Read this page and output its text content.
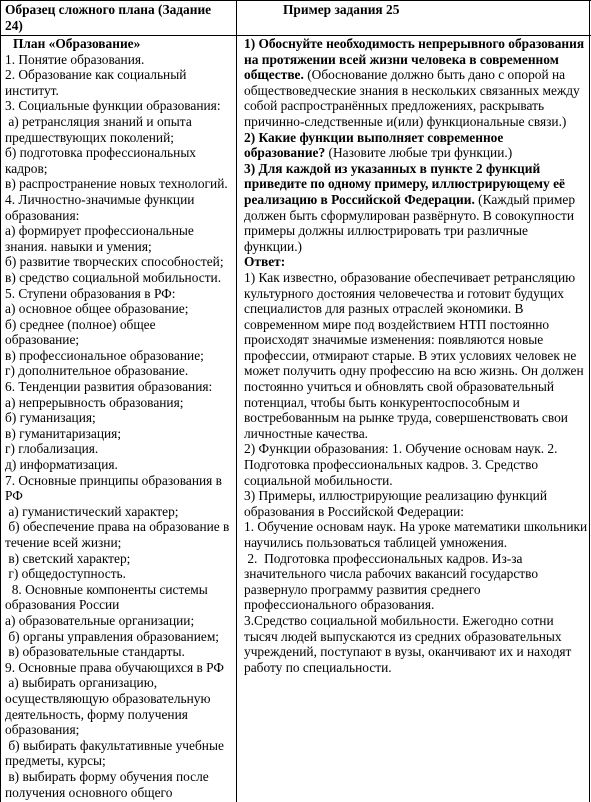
Образец сложного плана (Задание
24)
Пример задания 25
План «Образование»
1. Понятие образования.
2. Образование как социальный
институт.
3. Социальные функции образования:
а) ретрансляция знаний и опыта
предшествующих поколений;
б) подготовка профессиональных
кадров;
в) распространение новых технологий.
4. Личностно-значимые функции
образования:
а) формирует профессиональные
знания. навыки и умения;
б) развитие творческих способностей;
в) средство социальной мобильности.
5. Ступени образования в РФ:
а) основное общее образование;
б) среднее (полное) общее
образование;
в) профессиональное образование;
г) дополнительное образование.
6. Тенденции развития образования:
а) непрерывность образования;
б) гуманизация;
в) гуманитаризация;
г) глобализация.
д) информатизация.
7. Основные принципы образования в
РФ
а) гуманистический характер;
б) обеспечение права на образование в
течение всей жизни;
в) светский характер;
г) общедоступность.
8. Основные компоненты системы
образования России
а) образовательные организации;
б) органы управления образованием;
в) образовательные стандарты.
9. Основные права обучающихся в РФ
а) выбирать организацию,
осуществляющую образовательную
деятельность, форму получения
образования;
б) выбирать факультативные учебные
предметы, курсы;
в) выбирать форму обучения после
получения основного общего
1) Обоснуйте необходимость непрерывного образования
на протяжении всей жизни человека в современном
обществе. (Обоснование должно быть дано с опорой на
обществоведческие знания в нескольких связанных между
собой распространённых предложениях, раскрывать
причинно-следственные и(или) функциональные связи.)
2) Какие функции выполняет современное
образование? (Назовите любые три функции.)
3) Для каждой из указанных в пункте 2 функций
приведите по одному примеру, иллюстрирующему её
реализацию в Российской Федерации. (Каждый пример
должен быть сформулирован развёрнуто. В совокупности
примеры должны иллюстрировать три различные
функции.)
Ответ:
1) Как известно, образование обеспечивает ретрансляцию
культурного достояния человечества и готовит будущих
специалистов для разных отраслей экономики. В
современном мире под воздействием НТП постоянно
происходят значимые изменения: появляются новые
профессии, отмирают старые. В этих условиях человек не
может получить одну профессию на всю жизнь. Он должен
постоянно учиться и обновлять свой образовательный
потенциал, чтобы быть конкурентоспособным и
востребованным на рынке труда, совершенствовать свои
личностные качества.
2) Функции образования: 1. Обучение основам наук. 2.
Подготовка профессиональных кадров. 3. Средство
социальной мобильности.
3) Примеры, иллюстрирующие реализацию функций
образования в Российской Федерации:
1. Обучение основам наук. На уроке математики школьники
научились пользоваться таблицей умножения.
2.  Подготовка профессиональных кадров. Из-за
значительного числа рабочих вакансий государство
развернуло программу развития среднего
профессионального образования.
3.Средство социальной мобильности. Ежегодно сотни
тысяч людей выпускаются из средних образовательных
учреждений, поступают в вузы, оканчивают их и находят
работу по специальности.
